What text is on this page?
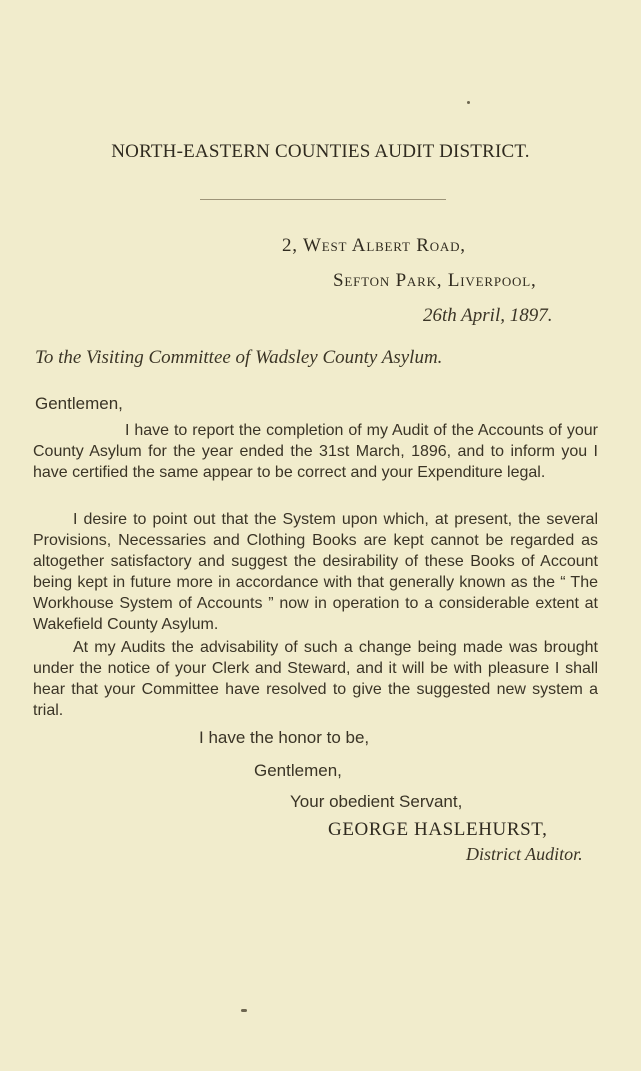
NORTH-EASTERN COUNTIES AUDIT DISTRICT.
2, West Albert Road,
Sefton Park, Liverpool,
26th April, 1897.
To the Visiting Committee of Wadsley County Asylum.
Gentlemen,
I have to report the completion of my Audit of the Accounts of your County Asylum for the year ended the 31st March, 1896, and to inform you I have certified the same appear to be correct and your Expenditure legal.
I desire to point out that the System upon which, at present, the several Provisions, Necessaries and Clothing Books are kept cannot be regarded as altogether satisfactory and suggest the desirability of these Books of Account being kept in future more in accordance with that generally known as the “ The Workhouse System of Accounts ” now in operation to a considerable extent at Wakefield County Asylum.
At my Audits the advisability of such a change being made was brought under the notice of your Clerk and Steward, and it will be with pleasure I shall hear that your Committee have resolved to give the suggested new system a trial.
I have the honor to be,
Gentlemen,
Your obedient Servant,
GEORGE HASLEHURST,
District Auditor.
